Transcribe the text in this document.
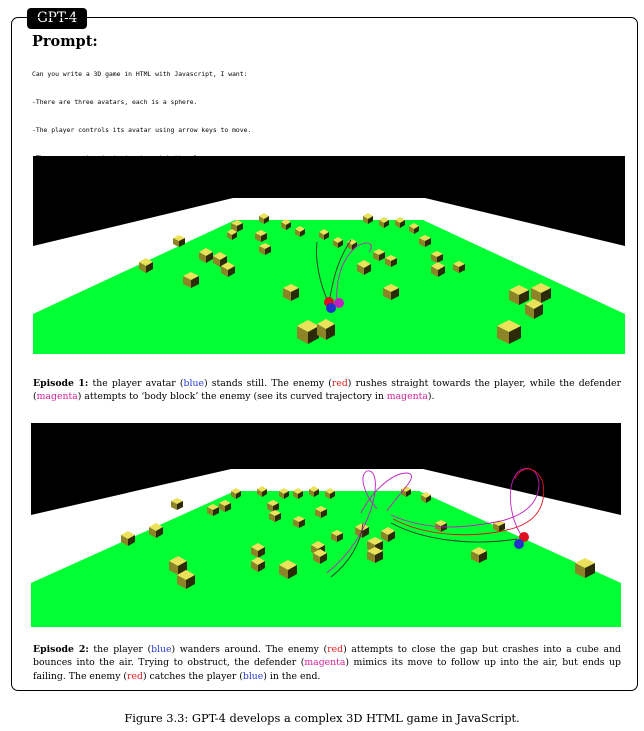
GPT-4
Prompt:

Can you write a 3D game in HTML with Javascript, I want:

-There are three avatars, each is a sphere.

-The player controls its avatar using arrow keys to move.

Episode 1: the player avatar (blue) stands still. The enemy (red) rushes straight towards the player, while the defender (magenta) attempts to ‘body block’ the enemy (see its curved trajectory in magenta).
Episode 2: the player (blue) wanders around. The enemy (red) attempts to close the gap but crashes into a cube and bounces into the air. Trying to obstruct, the defender (magenta) mimics its move to follow up into the air, but ends up failing. The enemy (red) catches the player (blue) in the end.
Figure 3.3: GPT-4 develops a complex 3D HTML game in JavaScript.
